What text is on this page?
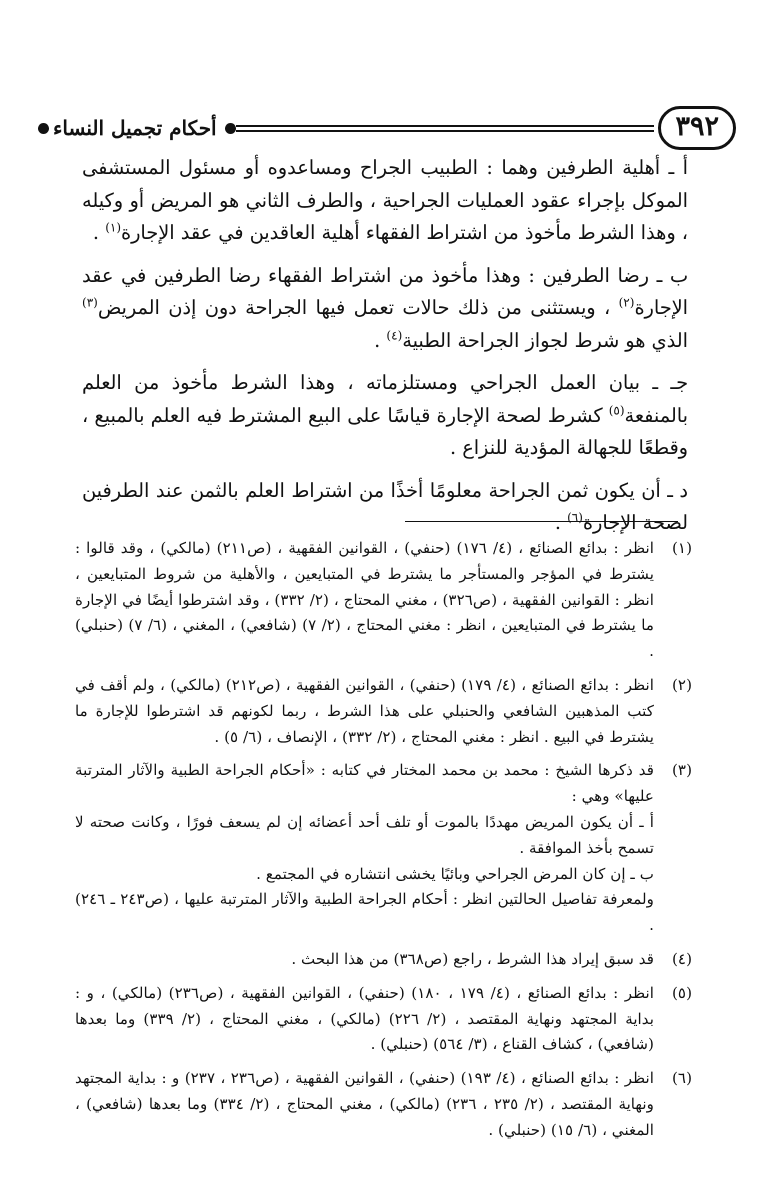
٣٩٢
أحكام تجميل النساء

أ ـ أهلية الطرفين وهما : الطبيب الجراح ومساعدوه أو مسئول المستشفى الموكل بإجراء عقود العمليات الجراحية ، والطرف الثاني هو المريض أو وكيله ، وهذا الشرط مأخوذ من اشتراط الفقهاء أهلية العاقدين في عقد الإجارة$^{(١)}$ .

ب ـ رضا الطرفين : وهذا مأخوذ من اشتراط الفقهاء رضا الطرفين في عقد الإجارة$^{(٢)}$ ، ويستثنى من ذلك حالات تعمل فيها الجراحة دون إذن المريض$^{(٣)}$ الذي هو شرط لجواز الجراحة الطبية$^{(٤)}$ .

جـ ـ بيان العمل الجراحي ومستلزماته ، وهذا الشرط مأخوذ من العلم بالمنفعة$^{(٥)}$ كشرط لصحة الإجارة قياسًا على البيع المشترط فيه العلم بالمبيع ، وقطعًا للجهالة المؤدية للنزاع .

د ـ أن يكون ثمن الجراحة معلومًا أخذًا من اشتراط العلم بالثمن عند الطرفين لصحة الإجارة$^{(٦)}$ .

(١)
انظر : بدائع الصنائع ، (٤/ ١٧٦) (حنفي) ، القوانين الفقهية ، (ص٢١١) (مالكي) ، وقد قالوا : يشترط في المؤجر والمستأجر ما يشترط في المتبايعين ، والأهلية من شروط المتبايعين ، انظر : القوانين الفقهية ، (ص٣٢٦) ، مغني المحتاج ، (٢/ ٣٣٢) ، وقد اشترطوا أيضًا في الإجارة ما يشترط في المتبايعين ، انظر : مغني المحتاج ، (٢/ ٧) (شافعي) ، المغني ، (٦/ ٧) (حنبلي) .
(٢)
انظر : بدائع الصنائع ، (٤/ ١٧٩) (حنفي) ، القوانين الفقهية ، (ص٢١٢) (مالكي) ، ولم أقف في كتب المذهبين الشافعي والحنبلي على هذا الشرط ، ربما لكونهم قد اشترطوا للإجارة ما يشترط في البيع . انظر : مغني المحتاج ، (٢/ ٣٣٢) ، الإنصاف ، (٦/ ٥) .
(٣)
قد ذكرها الشيخ : محمد بن محمد المختار في كتابه : «أحكام الجراحة الطبية والآثار المترتبة عليها» وهي :
أ ـ أن يكون المريض مهددًا بالموت أو تلف أحد أعضائه إن لم يسعف فورًا ، وكانت صحته لا تسمح بأخذ الموافقة .
ب ـ إن كان المرض الجراحي وبائيًا يخشى انتشاره في المجتمع .
ولمعرفة تفاصيل الحالتين انظر : أحكام الجراحة الطبية والآثار المترتبة عليها ، (ص٢٤٣ ـ ٢٤٦) .
(٤)
قد سبق إيراد هذا الشرط ، راجع (ص٣٦٨) من هذا البحث .
(٥)
انظر : بدائع الصنائع ، (٤/ ١٧٩ ، ١٨٠) (حنفي) ، القوانين الفقهية ، (ص٢٣٦) (مالكي) ، و : بداية المجتهد ونهاية المقتصد ، (٢/ ٢٢٦) (مالكي) ، مغني المحتاج ، (٢/ ٣٣٩) وما بعدها (شافعي) ، كشاف القناع ، (٣/ ٥٦٤) (حنبلي) .
(٦)
انظر : بدائع الصنائع ، (٤/ ١٩٣) (حنفي) ، القوانين الفقهية ، (ص٢٣٦ ، ٢٣٧) و : بداية المجتهد ونهاية المقتصد ، (٢/ ٢٣٥ ، ٢٣٦) (مالكي) ، مغني المحتاج ، (٢/ ٣٣٤) وما بعدها (شافعي) ، المغني ، (٦/ ١٥) (حنبلي) .
